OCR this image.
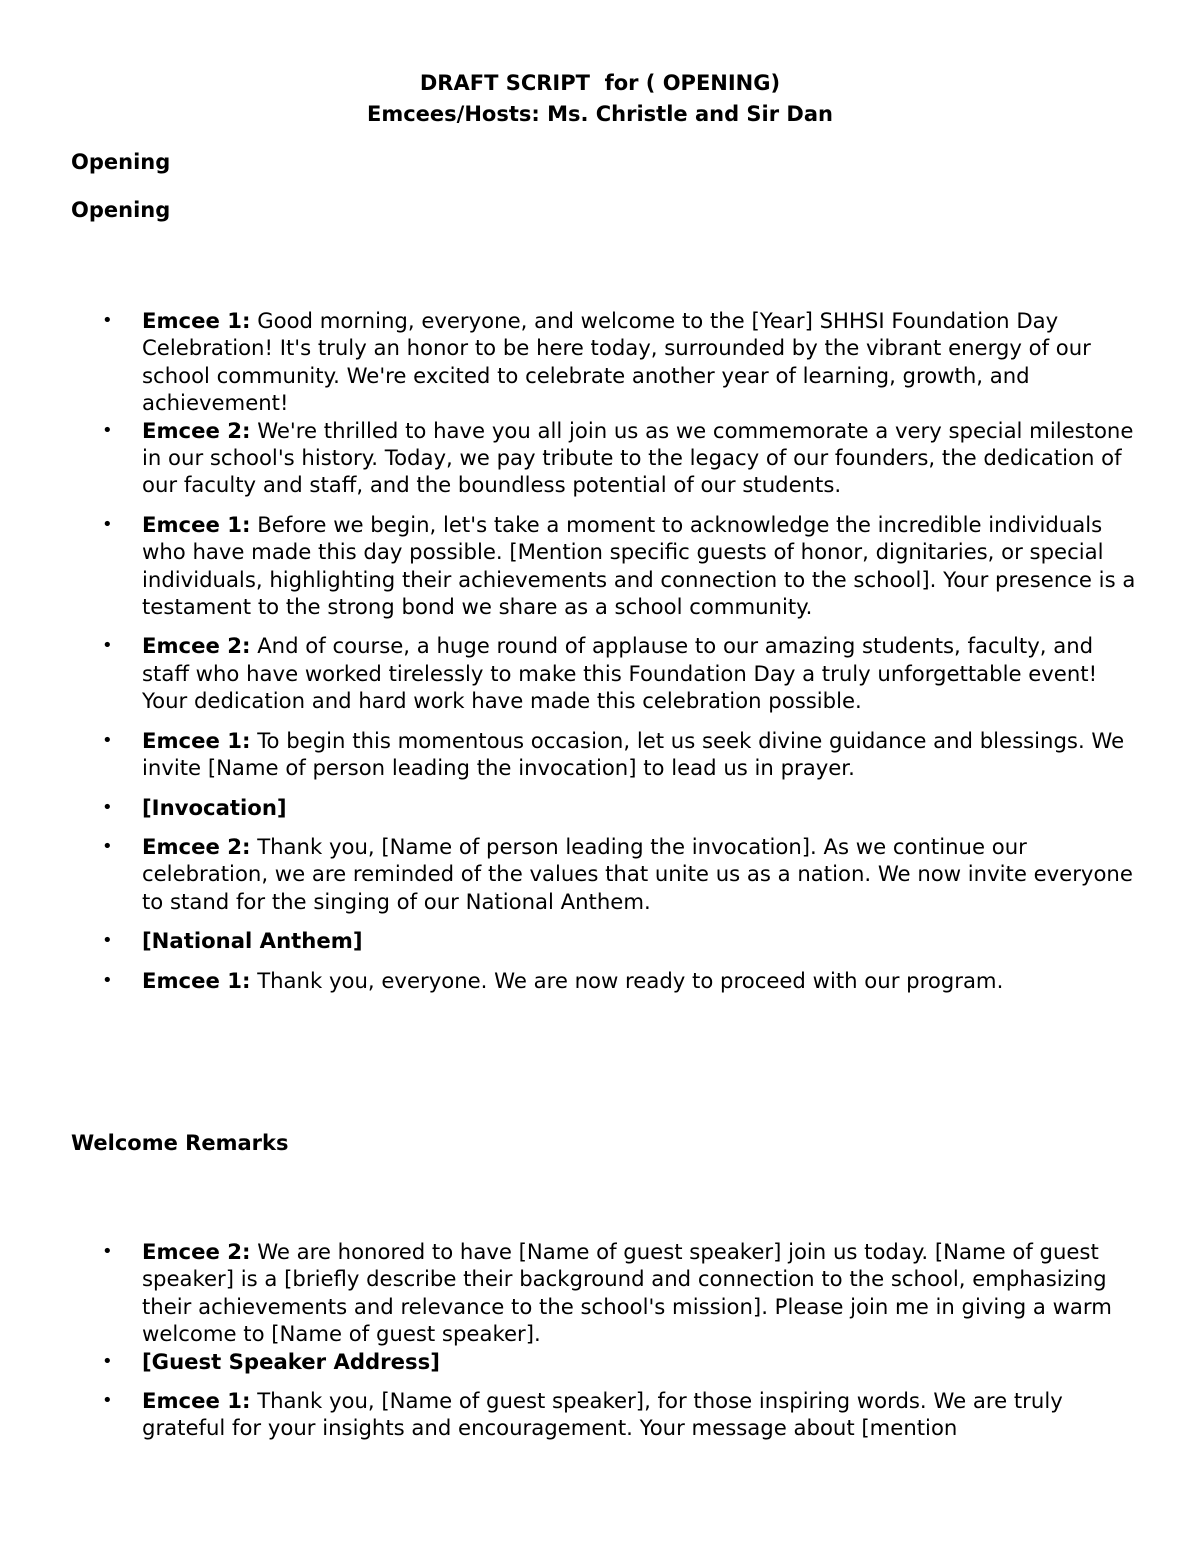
DRAFT SCRIPT  for ( OPENING)
Emcees/Hosts: Ms. Christle and Sir Dan
Opening
Opening
• Emcee 1: Good morning, everyone, and welcome to the [Year] SHHSI Foundation Day Celebration! It's truly an honor to be here today, surrounded by the vibrant energy of our school community. We're excited to celebrate another year of learning, growth, and achievement!
• Emcee 2: We're thrilled to have you all join us as we commemorate a very special milestone in our school's history. Today, we pay tribute to the legacy of our founders, the dedication of our faculty and staff, and the boundless potential of our students.
• Emcee 1: Before we begin, let's take a moment to acknowledge the incredible individuals who have made this day possible. [Mention specific guests of honor, dignitaries, or special individuals, highlighting their achievements and connection to the school]. Your presence is a testament to the strong bond we share as a school community.
• Emcee 2: And of course, a huge round of applause to our amazing students, faculty, and staff who have worked tirelessly to make this Foundation Day a truly unforgettable event! Your dedication and hard work have made this celebration possible.
• Emcee 1: To begin this momentous occasion, let us seek divine guidance and blessings. We invite [Name of person leading the invocation] to lead us in prayer.
• [Invocation]
• Emcee 2: Thank you, [Name of person leading the invocation]. As we continue our celebration, we are reminded of the values that unite us as a nation. We now invite everyone to stand for the singing of our National Anthem.
• [National Anthem]
• Emcee 1: Thank you, everyone. We are now ready to proceed with our program.
Welcome Remarks
• Emcee 2: We are honored to have [Name of guest speaker] join us today. [Name of guest speaker] is a [briefly describe their background and connection to the school, emphasizing their achievements and relevance to the school's mission]. Please join me in giving a warm welcome to [Name of guest speaker].
• [Guest Speaker Address]
• Emcee 1: Thank you, [Name of guest speaker], for those inspiring words. We are truly grateful for your insights and encouragement. Your message about [mention
